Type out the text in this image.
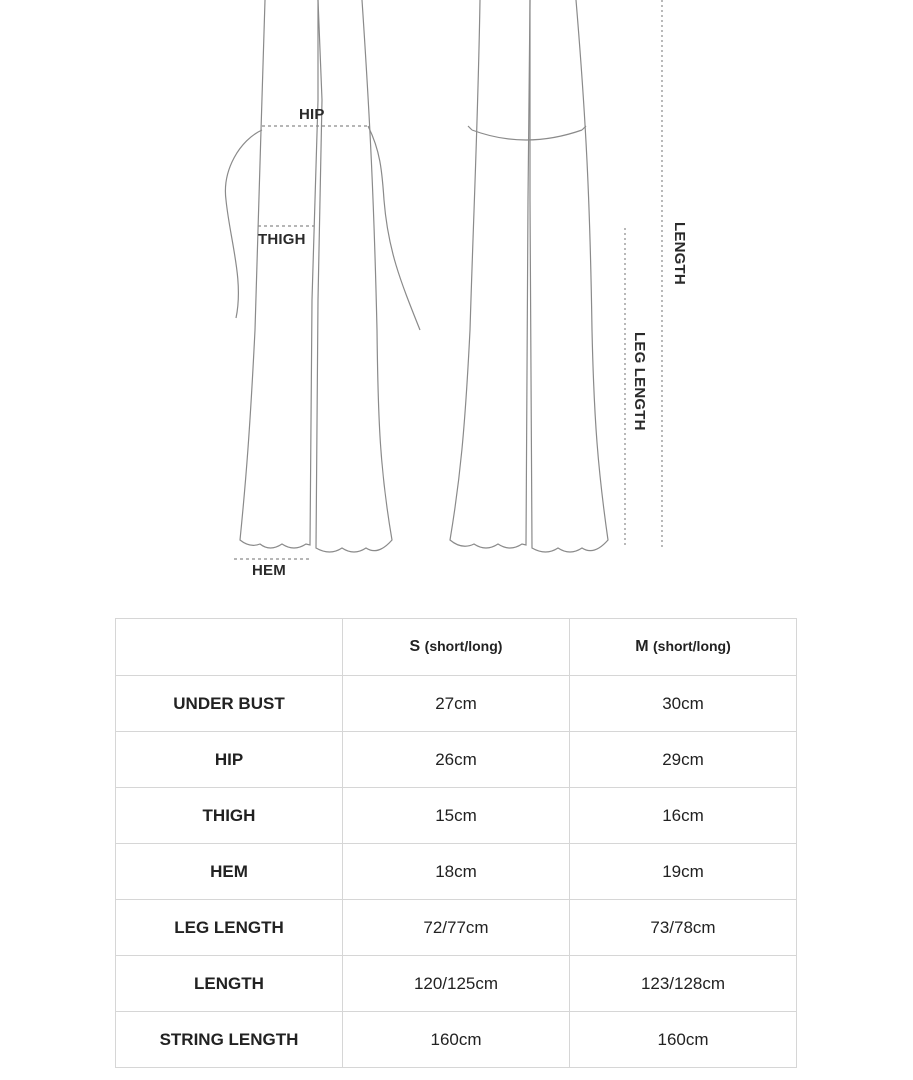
HIP
THIGH
HEM
LENGTH
LEG LENGTH
	S (short/long)	M (short/long)
UNDER BUST	27cm	30cm
HIP	26cm	29cm
THIGH	15cm	16cm
HEM	18cm	19cm
LEG LENGTH	72/77cm	73/78cm
LENGTH	120/125cm	123/128cm
STRING LENGTH	160cm	160cm
